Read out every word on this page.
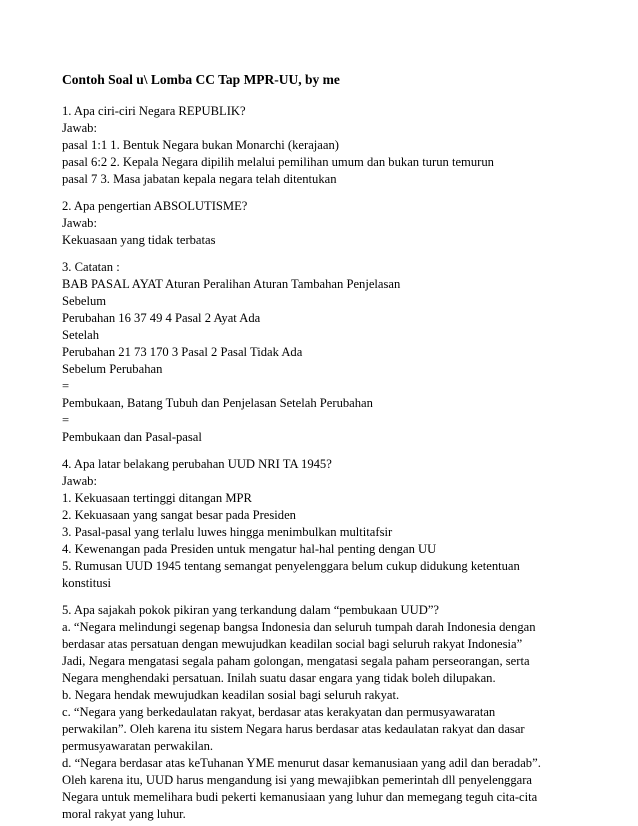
Contoh Soal u\ Lomba CC Tap MPR-UU, by me
1. Apa ciri-ciri Negara REPUBLIK?
Jawab:
pasal 1:1 1. Bentuk Negara bukan Monarchi (kerajaan)
pasal 6:2 2. Kepala Negara dipilih melalui pemilihan umum dan bukan turun temurun
pasal 7 3. Masa jabatan kepala negara telah ditentukan
2. Apa pengertian ABSOLUTISME?
Jawab:
Kekuasaan yang tidak terbatas
3. Catatan :
BAB PASAL AYAT Aturan Peralihan Aturan Tambahan Penjelasan
Sebelum
Perubahan 16 37 49 4 Pasal 2 Ayat Ada
Setelah
Perubahan 21 73 170 3 Pasal 2 Pasal Tidak Ada
Sebelum Perubahan
=
Pembukaan, Batang Tubuh dan Penjelasan Setelah Perubahan
=
Pembukaan dan Pasal-pasal
4. Apa latar belakang perubahan UUD NRI TA 1945?
Jawab:
1. Kekuasaan tertinggi ditangan MPR
2. Kekuasaan yang sangat besar pada Presiden
3. Pasal-pasal yang terlalu luwes hingga menimbulkan multitafsir
4. Kewenangan pada Presiden untuk mengatur hal-hal penting dengan UU
5. Rumusan UUD 1945 tentang semangat penyelenggara belum cukup didukung ketentuan
konstitusi
5. Apa sajakah pokok pikiran yang terkandung dalam “pembukaan UUD”?
a. “Negara melindungi segenap bangsa Indonesia dan seluruh tumpah darah Indonesia dengan
berdasar atas persatuan dengan mewujudkan keadilan social bagi seluruh rakyat Indonesia”
Jadi, Negara mengatasi segala paham golongan, mengatasi segala paham perseorangan, serta
Negara menghendaki persatuan. Inilah suatu dasar engara yang tidak boleh dilupakan.
b. Negara hendak mewujudkan keadilan sosial bagi seluruh rakyat.
c. “Negara yang berkedaulatan rakyat, berdasar atas kerakyatan dan permusyawaratan
perwakilan”. Oleh karena itu sistem Negara harus berdasar atas kedaulatan rakyat dan dasar
permusyawaratan perwakilan.
d. “Negara berdasar atas keTuhanan YME menurut dasar kemanusiaan yang adil dan beradab”.
Oleh karena itu, UUD harus mengandung isi yang mewajibkan pemerintah dll penyelenggara
Negara untuk memelihara budi pekerti kemanusiaan yang luhur dan memegang teguh cita-cita
moral rakyat yang luhur.
